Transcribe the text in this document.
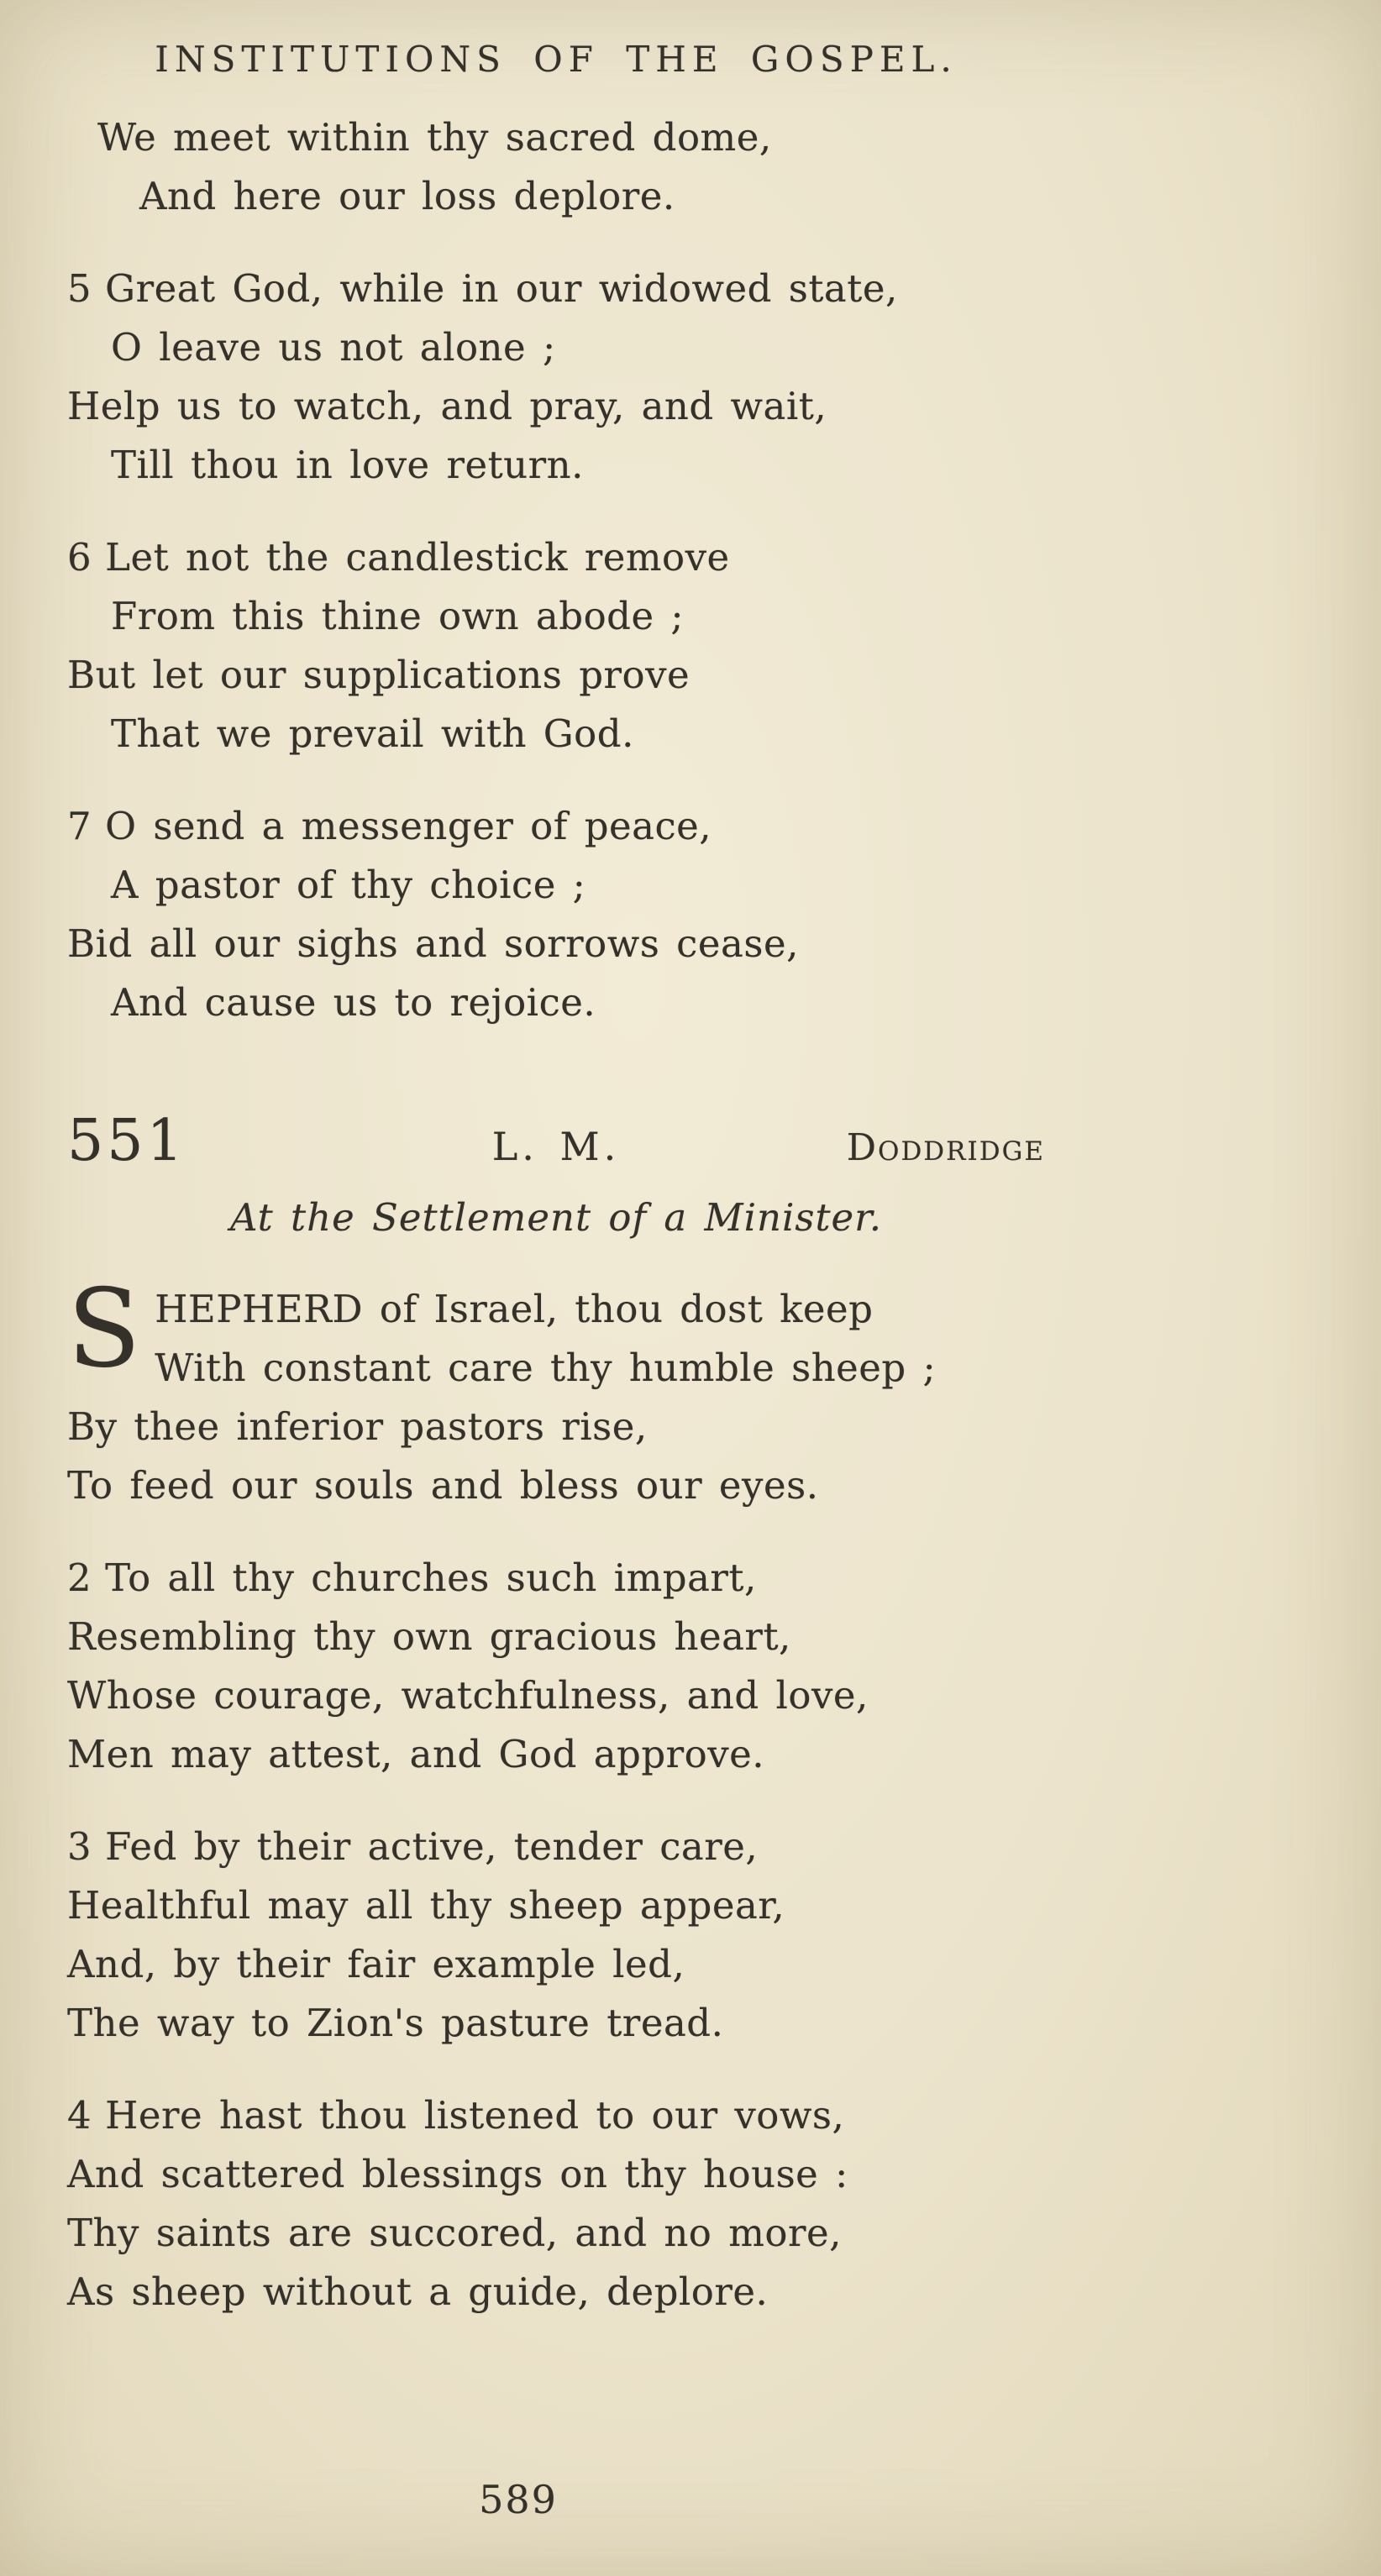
INSTITUTIONS OF THE GOSPEL.

We meet within thy sacred dome,

And here our loss deplore.

5 Great God, while in our widowed state,

O leave us not alone ;

Help us to watch, and pray, and wait,

Till thou in love return.

6 Let not the candlestick remove

From this thine own abode ;

But let our supplications prove

That we prevail with God.

7 O send a messenger of peace,

A pastor of thy choice ;

Bid all our sighs and sorrows cease,

And cause us to rejoice.

551	L. M.	Doddridge
At the Settlement of a Minister.

SHEPHERD of Israel, thou dost keep

With constant care thy humble sheep ;

By thee inferior pastors rise,

To feed our souls and bless our eyes.

2 To all thy churches such impart,

Resembling thy own gracious heart,

Whose courage, watchfulness, and love,

Men may attest, and God approve.

3 Fed by their active, tender care,

Healthful may all thy sheep appear,

And, by their fair example led,

The way to Zion's pasture tread.

4 Here hast thou listened to our vows,

And scattered blessings on thy house :

Thy saints are succored, and no more,

As sheep without a guide, deplore.

589
